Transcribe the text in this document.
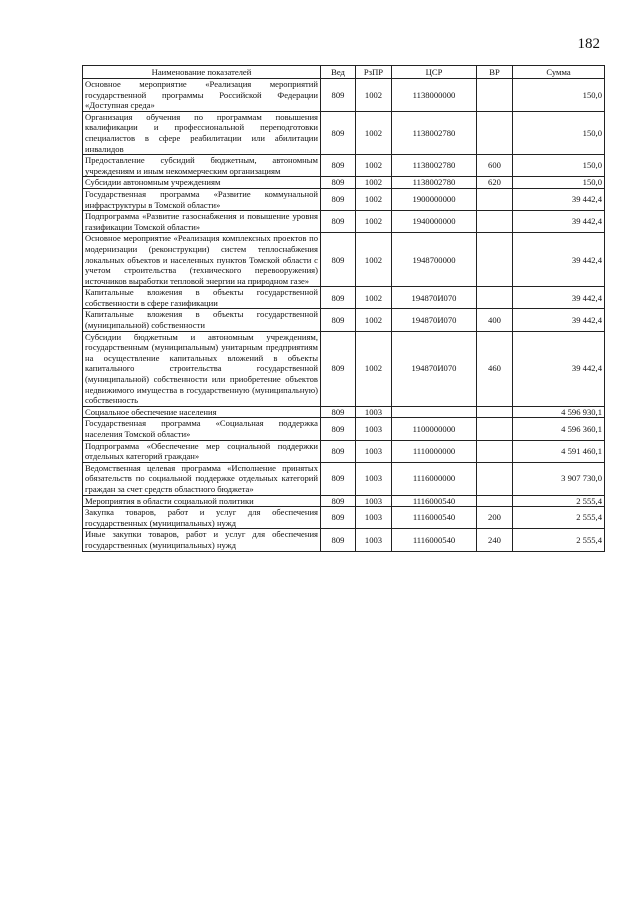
182
Наименование показателей	Вед	РзПР	ЦСР	ВР	Сумма
Основное мероприятие «Реализация мероприятий государственной программы Российской Федерации «Доступная среда»	809	1002	1138000000		150,0
Организация обучения по программам повышения квалификации и профессиональной переподготовки специалистов в сфере реабилитации или абилитации инвалидов	809	1002	1138002780		150,0
Предоставление субсидий бюджетным, автономным учреждениям и иным некоммерческим организациям	809	1002	1138002780	600	150,0
Субсидии автономным учреждениям	809	1002	1138002780	620	150,0
Государственная программа «Развитие коммунальной инфраструктуры в Томской области»	809	1002	1900000000		39 442,4
Подпрограмма «Развитие газоснабжения и повышение уровня газификации Томской области»	809	1002	1940000000		39 442,4
Основное мероприятие «Реализация комплексных проектов по модернизации (реконструкции) систем теплоснабжения локальных объектов и населенных пунктов Томской области с учетом строительства (технического перевооружения) источников выработки тепловой энергии на природном газе»	809	1002	1948700000		39 442,4
Капитальные вложения в объекты государственной собственности в сфере газификации	809	1002	194870И070		39 442,4
Капитальные вложения в объекты государственной (муниципальной) собственности	809	1002	194870И070	400	39 442,4
Субсидии бюджетным и автономным учреждениям, государственным (муниципальным) унитарным предприятиям на осуществление капитальных вложений в объекты капитального строительства государственной (муниципальной) собственности или приобретение объектов недвижимого имущества в государственную (муниципальную) собственность	809	1002	194870И070	460	39 442,4
Социальное обеспечение населения	809	1003			4 596 930,1
Государственная программа «Социальная поддержка населения Томской области»	809	1003	1100000000		4 596 360,1
Подпрограмма «Обеспечение мер социальной поддержки отдельных категорий граждан»	809	1003	1110000000		4 591 460,1
Ведомственная целевая программа «Исполнение принятых обязательств по социальной поддержке отдельных категорий граждан за счет средств областного бюджета»	809	1003	1116000000		3 907 730,0
Мероприятия в области социальной политики	809	1003	1116000540		2 555,4
Закупка товаров, работ и услуг для обеспечения государственных (муниципальных) нужд	809	1003	1116000540	200	2 555,4
Иные закупки товаров, работ и услуг для обеспечения государственных (муниципальных) нужд	809	1003	1116000540	240	2 555,4
